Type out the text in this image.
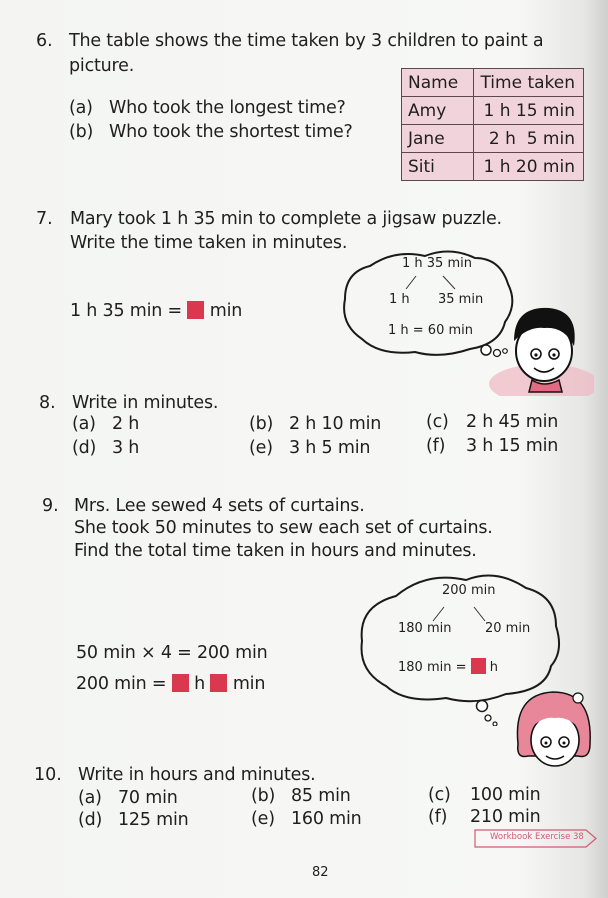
6. The table shows the time taken by 3 children to paint a
picture.
(a) Who took the longest time?
(b) Who took the shortest time?
Name	Time taken
Amy	1 h 15 min
Jane	2 h  5 min
Siti	1 h 20 min
7. Mary took 1 h 35 min to complete a jigsaw puzzle.
Write the time taken in minutes.
1 h 35 min = min
1 h 35 min
1 h 35 min
1 h = 60 min
8. Write in minutes.
(a) 2 h	(b) 2 h 10 min	(c) 2 h 45 min
(d) 3 h	(e) 3 h 5 min	(f) 3 h 15 min
9. Mrs. Lee sewed 4 sets of curtains.
She took 50 minutes to sew each set of curtains.
Find the total time taken in hours and minutes.
50 min × 4 = 200 min
200 min = h min
200 min
180 min	20 min
180 min = h
10. Write in hours and minutes.
(a) 70 min	(b) 85 min	(c) 100 min
(d) 125 min	(e) 160 min	(f) 210 min
Workbook Exercise 38
82
